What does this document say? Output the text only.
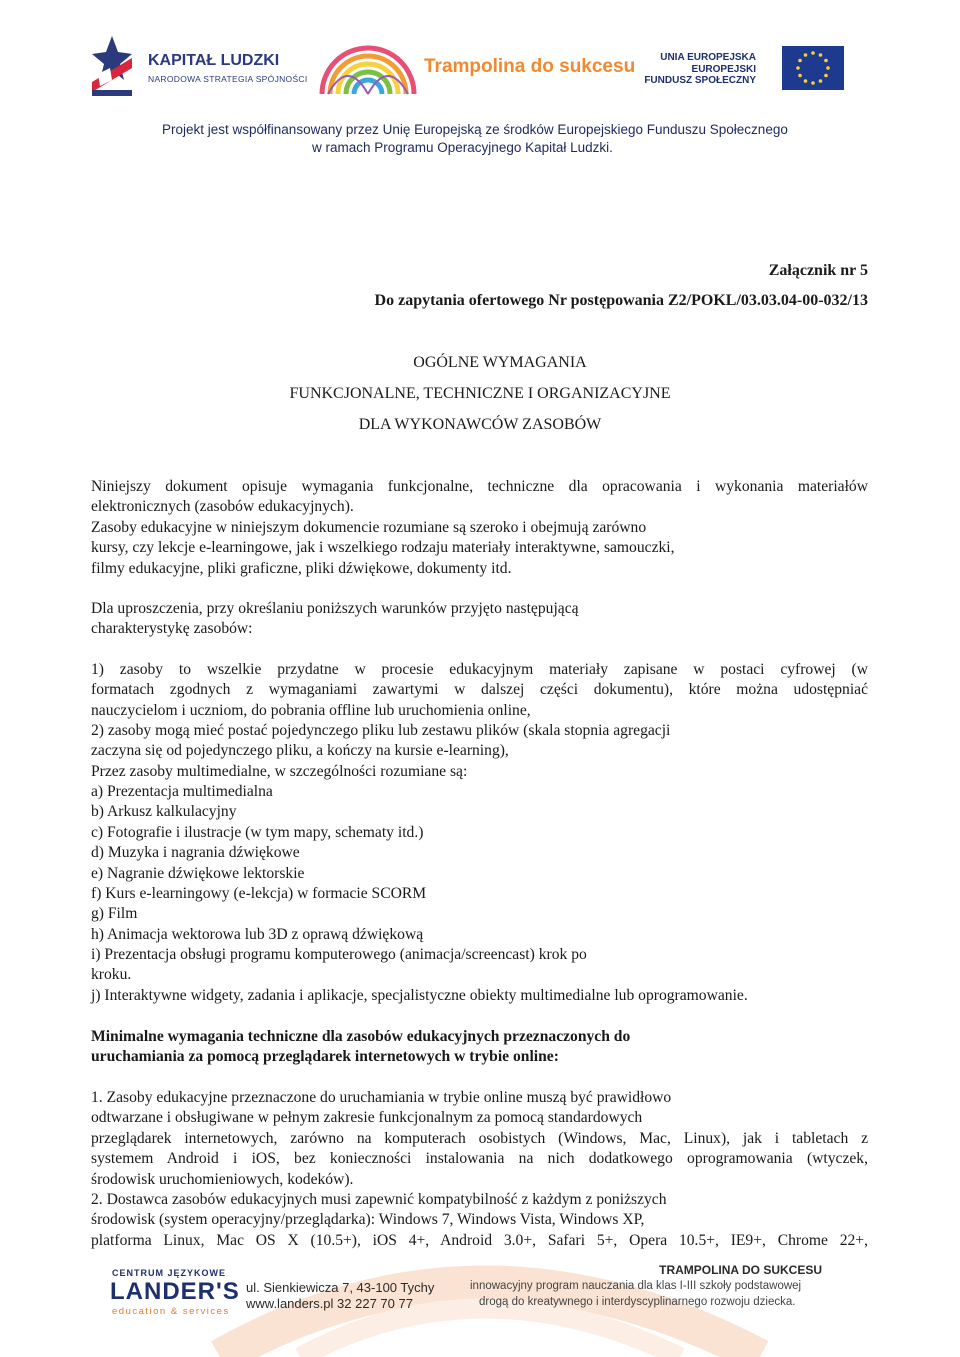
KAPITAŁ LUDZKI
NARODOWA STRATEGIA SPÓJNOŚCI
Trampolina do sukcesu	UNIA EUROPEJSKA
EUROPEJSKI
FUNDUSZ SPOŁECZNY
Projekt jest współfinansowany przez Unię Europejską ze środków Europejskiego Funduszu Społecznego
w ramach Programu Operacyjnego Kapitał Ludzki.
Załącznik nr 5
Do zapytania ofertowego Nr postępowania Z2/POKL/03.03.04-00-032/13
OGÓLNE WYMAGANIA
FUNKCJONALNE, TECHNICZNE I ORGANIZACYJNE
DLA WYKONAWCÓW ZASOBÓW
Niniejszy dokument opisuje wymagania funkcjonalne, techniczne dla opracowania i wykonania materiałów
elektronicznych (zasobów edukacyjnych).
Zasoby edukacyjne w niniejszym dokumencie rozumiane są szeroko i obejmują zarówno
kursy, czy lekcje e-learningowe, jak i wszelkiego rodzaju materiały interaktywne, samouczki,
filmy edukacyjne, pliki graficzne, pliki dźwiękowe, dokumenty itd.
Dla uproszczenia, przy określaniu poniższych warunków przyjęto następującą
charakterystykę zasobów:
1) zasoby to wszelkie przydatne w procesie edukacyjnym materiały zapisane w postaci cyfrowej (w
formatach zgodnych z wymaganiami zawartymi w dalszej części dokumentu), które można udostępniać
nauczycielom i uczniom, do pobrania offline lub uruchomienia online,
2) zasoby mogą mieć postać pojedynczego pliku lub zestawu plików (skala stopnia agregacji
zaczyna się od pojedynczego pliku, a kończy na kursie e-learning),
Przez zasoby multimedialne, w szczególności rozumiane są:
a) Prezentacja multimedialna
b) Arkusz kalkulacyjny
c) Fotografie i ilustracje (w tym mapy, schematy itd.)
d) Muzyka i nagrania dźwiękowe
e) Nagranie dźwiękowe lektorskie
f) Kurs e-learningowy (e-lekcja) w formacie SCORM
g) Film
h) Animacja wektorowa lub 3D z oprawą dźwiękową
i) Prezentacja obsługi programu komputerowego (animacja/screencast) krok po
kroku.
j) Interaktywne widgety, zadania i aplikacje, specjalistyczne obiekty multimedialne lub oprogramowanie.
Minimalne wymagania techniczne dla zasobów edukacyjnych przeznaczonych do
uruchamiania za pomocą przeglądarek internetowych w trybie online:
1. Zasoby edukacyjne przeznaczone do uruchamiania w trybie online muszą być prawidłowo
odtwarzane i obsługiwane w pełnym zakresie funkcjonalnym za pomocą standardowych
przeglądarek internetowych, zarówno na komputerach osobistych (Windows, Mac, Linux), jak i tabletach z
systemem Android i iOS, bez konieczności instalowania na nich dodatkowego oprogramowania (wtyczek,
środowisk uruchomieniowych, kodeków).
2. Dostawca zasobów edukacyjnych musi zapewnić kompatybilność z każdym z poniższych
środowisk (system operacyjny/przeglądarka): Windows 7, Windows Vista, Windows XP,
platforma Linux, Mac OS X (10.5+), iOS 4+, Android 3.0+, Safari 5+, Opera 10.5+, IE9+, Chrome 22+,
CENTRUM JĘZYKOWE
LANDER'S
education & services
ul. Sienkiewicza 7, 43-100 Tychy
www.landers.pl 32 227 70 77
TRAMPOLINA DO SUKCESU
innowacyjny program nauczania dla klas I-III szkoły podstawowej
drogą do kreatywnego i interdyscyplinarnego rozwoju dziecka.
